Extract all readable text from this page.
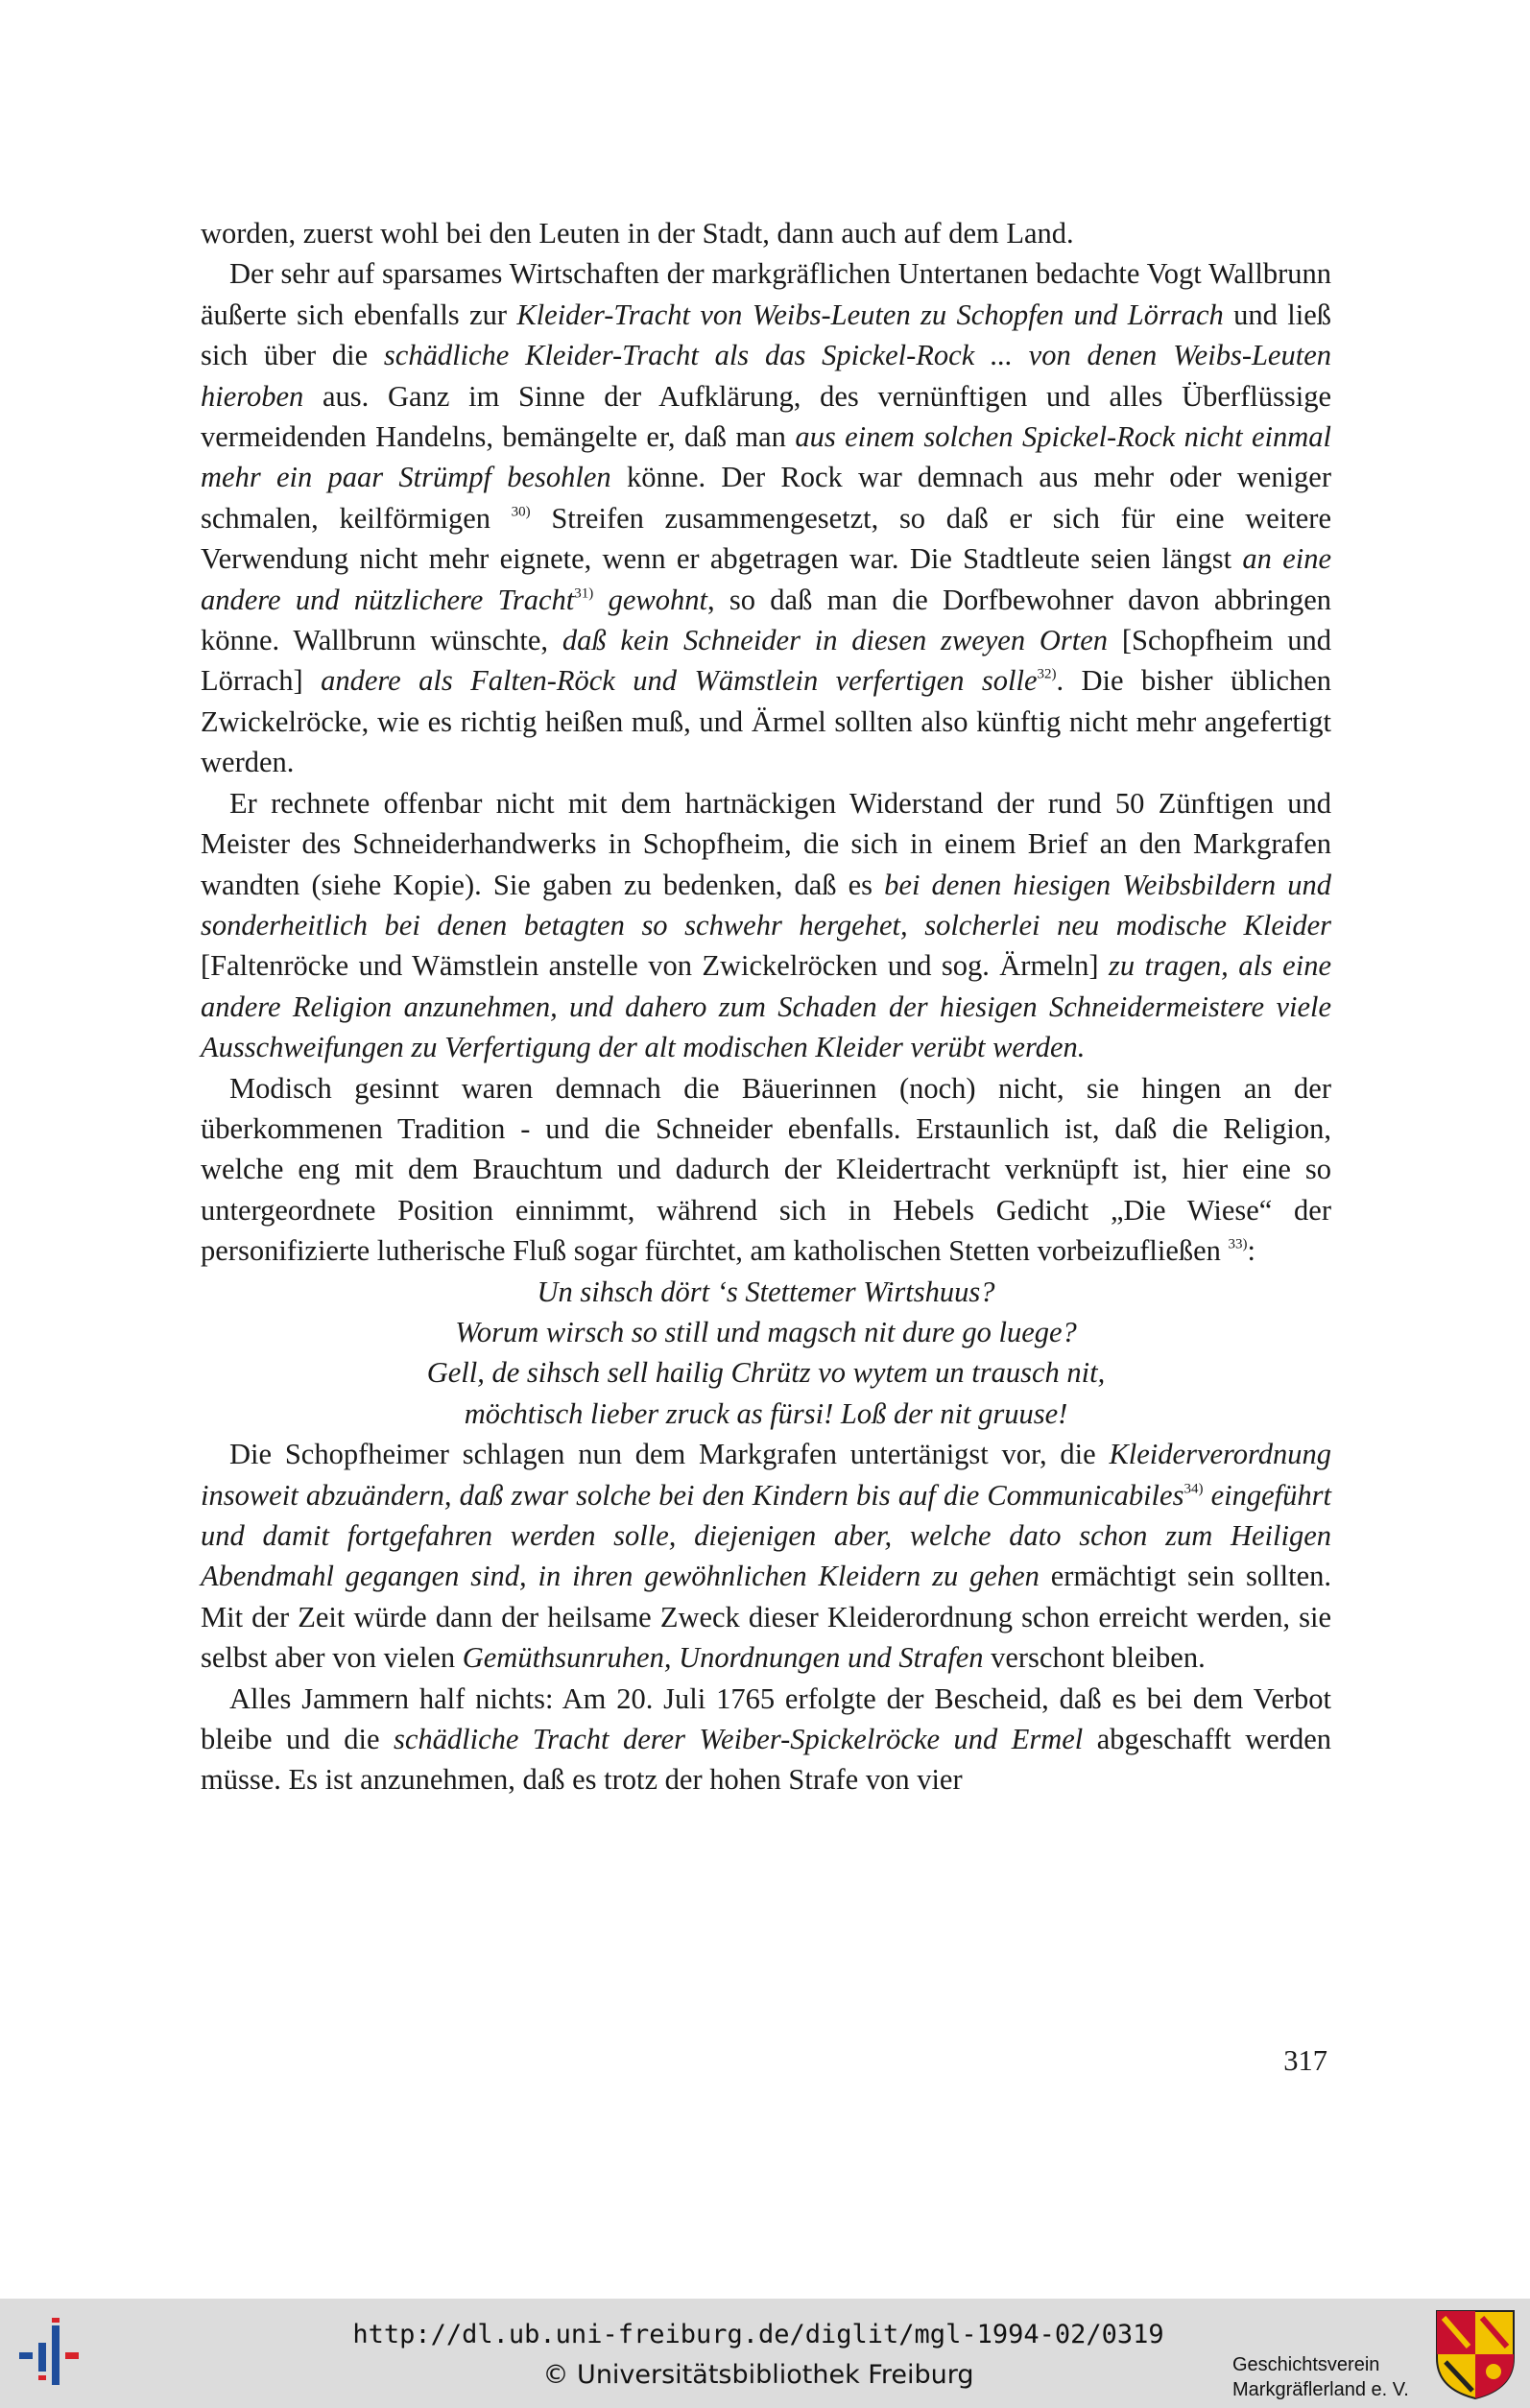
worden, zuerst wohl bei den Leuten in der Stadt, dann auch auf dem Land.

Der sehr auf sparsames Wirtschaften der markgräflichen Untertanen bedachte Vogt Wallbrunn äußerte sich ebenfalls zur Kleider-Tracht von Weibs-Leuten zu Schopfen und Lörrach und ließ sich über die schädliche Kleider-Tracht als das Spickel-Rock ... von denen Weibs-Leuten hieroben aus. Ganz im Sinne der Aufklärung, des vernünftigen und alles Überflüssige vermeidenden Handelns, bemängelte er, daß man aus einem solchen Spickel-Rock nicht einmal mehr ein paar Strümpf besohlen könne. Der Rock war demnach aus mehr oder weniger schmalen, keilförmigen $^{30)}$ Streifen zusammengesetzt, so daß er sich für eine weitere Verwendung nicht mehr eignete, wenn er abgetragen war. Die Stadtleute seien längst an eine andere und nützlichere Tracht$^{31)}$ gewohnt, so daß man die Dorfbewohner davon abbringen könne. Wallbrunn wünschte, daß kein Schneider in diesen zweyen Orten [Schopfheim und Lörrach] andere als Falten-Röck und Wämstlein verfertigen solle$^{32)}$. Die bisher üblichen Zwickelröcke, wie es richtig heißen muß, und Ärmel sollten also künftig nicht mehr angefertigt werden.

Er rechnete offenbar nicht mit dem hartnäckigen Widerstand der rund 50 Zünftigen und Meister des Schneiderhandwerks in Schopfheim, die sich in einem Brief an den Markgrafen wandten (siehe Kopie). Sie gaben zu bedenken, daß es bei denen hiesigen Weibsbildern und sonderheitlich bei denen betagten so schwehr hergehet, solcherlei neu modische Kleider [Faltenröcke und Wämstlein anstelle von Zwickelröcken und sog. Ärmeln] zu tragen, als eine andere Religion anzunehmen, und dahero zum Schaden der hiesigen Schneidermeistere viele Ausschweifungen zu Verfertigung der alt modischen Kleider verübt werden.

Modisch gesinnt waren demnach die Bäuerinnen (noch) nicht, sie hingen an der überkommenen Tradition - und die Schneider ebenfalls. Erstaunlich ist, daß die Religion, welche eng mit dem Brauchtum und dadurch der Kleidertracht verknüpft ist, hier eine so untergeordnete Position einnimmt, während sich in Hebels Gedicht „Die Wiese“ der personifizierte lutherische Fluß sogar fürchtet, am katholischen Stetten vorbeizufließen $^{33)}$:

Un sihsch dört ‘s Stettemer Wirtshuus?
Worum wirsch so still und magsch nit dure go luege?
Gell, de sihsch sell hailig Chrütz vo wytem un trausch nit,
möchtisch lieber zruck as fürsi! Loß der nit gruuse!

Die Schopfheimer schlagen nun dem Markgrafen untertänigst vor, die Kleiderverordnung insoweit abzuändern, daß zwar solche bei den Kindern bis auf die Communicabiles$^{34)}$ eingeführt und damit fortgefahren werden solle, diejenigen aber, welche dato schon zum Heiligen Abendmahl gegangen sind, in ihren gewöhnlichen Kleidern zu gehen ermächtigt sein sollten. Mit der Zeit würde dann der heilsame Zweck dieser Kleiderordnung schon erreicht werden, sie selbst aber von vielen Gemüthsunruhen, Unordnungen und Strafen verschont bleiben.

Alles Jammern half nichts: Am 20. Juli 1765 erfolgte der Bescheid, daß es bei dem Verbot bleibe und die schädliche Tracht derer Weiber-Spickelröcke und Ermel abgeschafft werden müsse. Es ist anzunehmen, daß es trotz der hohen Strafe von vier

317
http://dl.ub.uni-freiburg.de/diglit/mgl-1994-02/0319
© Universitätsbibliothek Freiburg	Geschichtsverein
Markgräflerland e. V.
